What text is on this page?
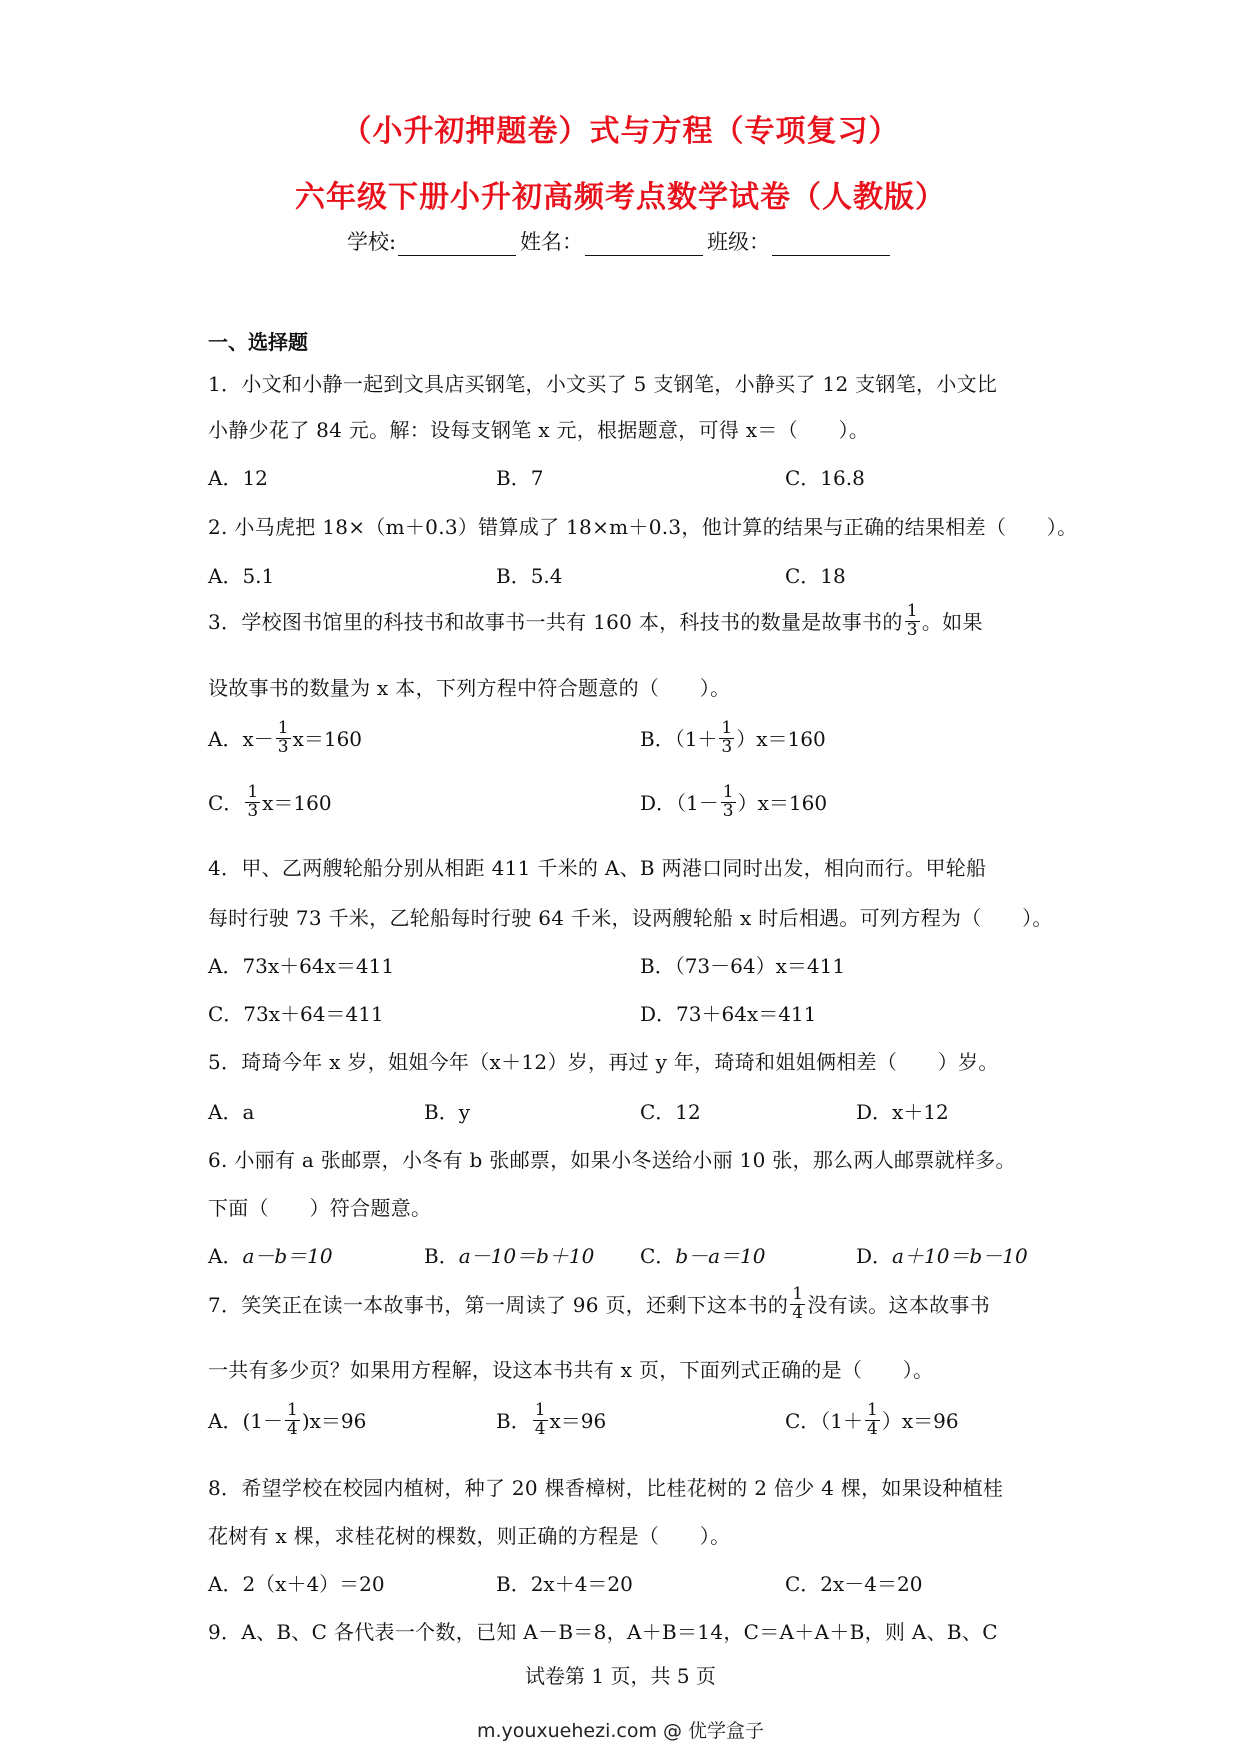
（小升初押题卷）式与方程（专项复习）
六年级下册小升初高频考点数学试卷（人教版）
学校:	姓名：	班级：
一、选择题
1．小文和小静一起到文具店买钢笔，小文买了 5 支钢笔，小静买了 12 支钢笔，小文比
小静少花了 84 元。解：设每支钢笔 x 元，根据题意，可得 x＝（　　）。
A．12	B．7	C．16.8
2. 小马虎把 18×（m＋0.3）错算成了 18×m＋0.3，他计算的结果与正确的结果相差（　　）。
A．5.1	B．5.4	C．18
3．学校图书馆里的科技书和故事书一共有 160 本，科技书的数量是故事书的 $\frac{1}{3}$ 。如果
设故事书的数量为 x 本，下列方程中符合题意的（　　）。
A．$x- \frac{1}{3} x=160$	B．$(1+ \frac{1}{3} )x=160$
C． $\frac{1}{3} x=160$	D．$(1- \frac{1}{3} )x=160$
4．甲、乙两艘轮船分别从相距 411 千米的 A、B 两港口同时出发，相向而行。甲轮船
每时行驶 73 千米，乙轮船每时行驶 64 千米，设两艘轮船 x 时后相遇。可列方程为（　　）。
A．73x＋64x＝411	B．（73－64）x＝411
C．73x＋64＝411	D．73＋64x＝411
5．琦琦今年 x 岁，姐姐今年（x＋12）岁，再过 y 年，琦琦和姐姐俩相差（　　）岁。
A．a	B．y	C．12	D．x＋12
6. 小丽有 a 张邮票，小冬有 b 张邮票，如果小冬送给小丽 10 张，那么两人邮票就样多。
下面（　　）符合题意。
A．a－b＝10	B．a－10＝b＋10 C．b－a＝10	D．a＋10＝b－10
7．笑笑正在读一本故事书，第一周读了 96 页，还剩下这本书的 $\frac{1}{4}$ 没有读。这本故事书
一共有多少页？如果用方程解，设这本书共有 x 页，下面列式正确的是（　　）。
A．$(1- \frac{1}{4} )x=96$	B． $\frac{1}{4} x=96$	C．$(1+ \frac{1}{4} )x=96$
8．希望学校在校园内植树，种了 20 棵香樟树，比桂花树的 2 倍少 4 棵，如果设种植桂
花树有 x 棵，求桂花树的棵数，则正确的方程是（　　）。
A．2（x＋4）＝20	B．2x＋4＝20	C．2x－4＝20
9．A、B、C 各代表一个数，已知 A－B＝8，A＋B＝14，C＝A＋A＋B，则 A、B、C
试卷第 1 页，共 5 页
m.youxuehezi.com @ 优学盒子
